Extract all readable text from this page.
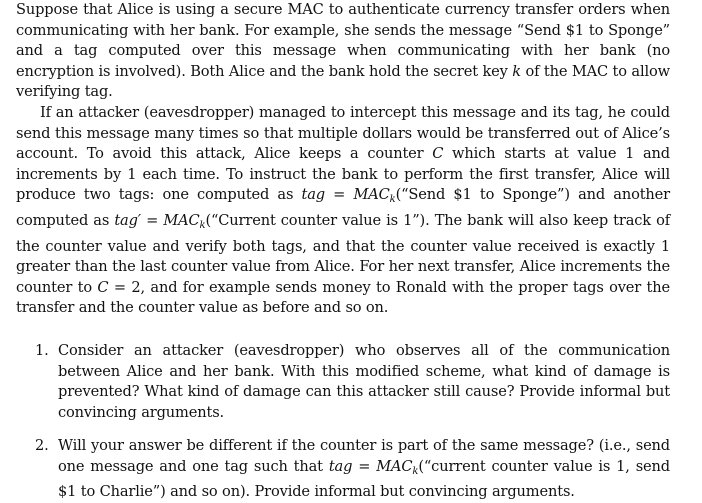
Suppose that Alice is using a secure MAC to authenticate currency transfer orders when communicating with her bank. For example, she sends the message “Send $1 to Sponge” and a tag computed over this message when communicating with her bank (no encryption is involved). Both Alice and the bank hold the secret key k of the MAC to allow verifying tag.

If an attacker (eavesdropper) managed to intercept this message and its tag, he could send this message many times so that multiple dollars would be transferred out of Alice’s account. To avoid this attack, Alice keeps a counter C which starts at value 1 and increments by 1 each time. To instruct the bank to perform the first transfer, Alice will produce two tags: one computed as tag = $MAC_k(“Send$ $1 to Sponge”) and another computed as $tag' = MAC_k(“Current$ counter value is 1”). The bank will also keep track of the counter value and verify both tags, and that the counter value received is exactly 1 greater than the last counter value from Alice. For her next transfer, Alice increments the counter to C = 2, and for example sends money to Ronald with the proper tags over the transfer and the counter value as before and so on.

1. Consider an attacker (eavesdropper) who observes all of the communication between Alice and her bank. With this modified scheme, what kind of damage is prevented? What kind of damage can this attacker still cause? Provide informal but convincing arguments.
2. Will your answer be different if the counter is part of the same message? (i.e., send one message and one tag such that tag = $MAC_k(“current$ counter value is 1, send $1 to Charlie”) and so on). Provide informal but convincing arguments.
